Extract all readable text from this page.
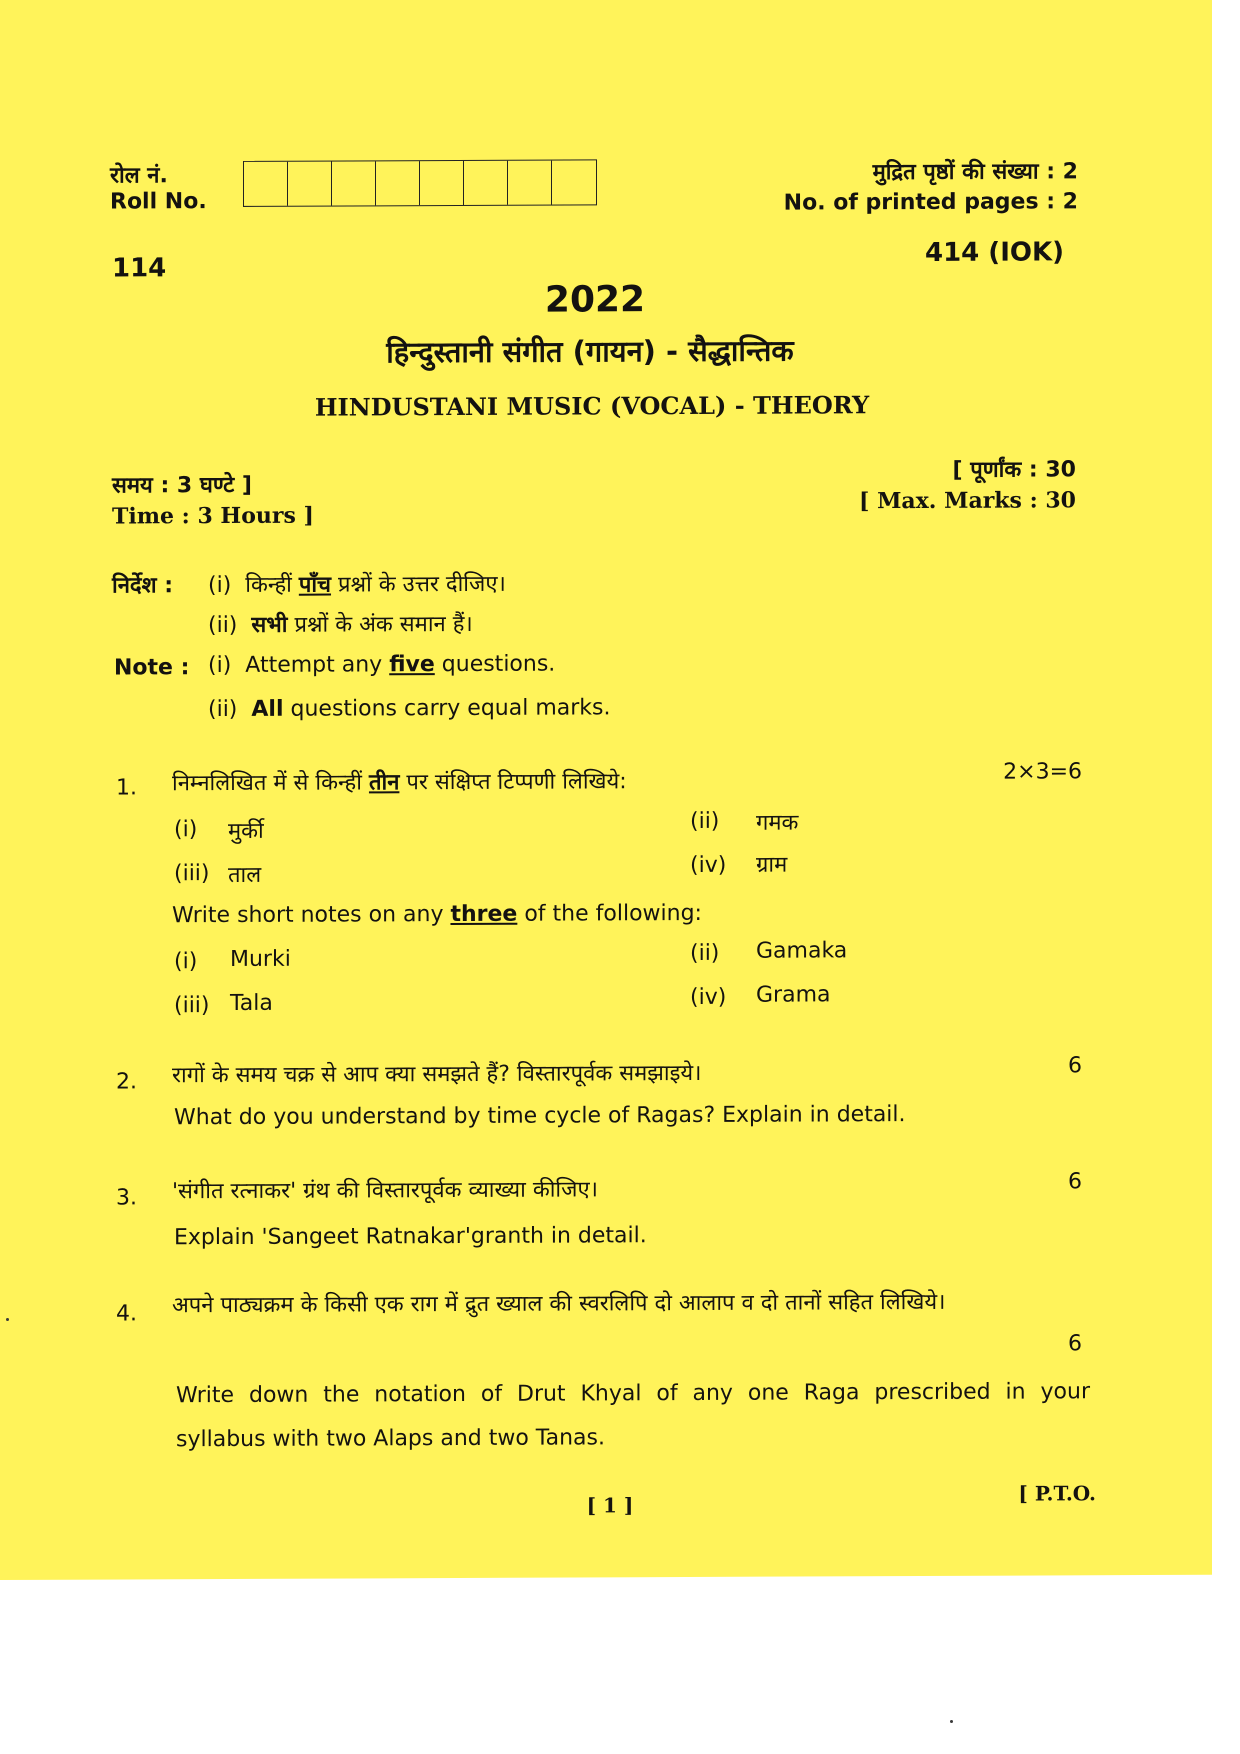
रोल नं.
Roll No.
मुद्रित पृष्ठों की संख्या : 2
No. of printed pages : 2
114
414 (IOK)
2022
हिन्दुस्तानी संगीत (गायन) - सैद्धान्तिक
HINDUSTANI MUSIC (VOCAL) - THEORY
समय : 3 घण्टे ]
Time : 3 Hours ]
[ पूर्णांक : 30
[ Max. Marks : 30
निर्देश : (i) किन्हीं पाँच प्रश्नों के उत्तर दीजिए।
(ii) सभी प्रश्नों के अंक समान हैं।
Note : (i) Attempt any five questions.
(ii) All questions carry equal marks.
1. निम्नलिखित में से किन्हीं तीन पर संक्षिप्त टिप्पणी लिखिये:	2×3=6
(i) मुर्की	(ii) गमक
(iii) ताल	(iv) ग्राम
Write short notes on any three of the following:
(i) Murki	(ii) Gamaka
(iii) Tala	(iv) Grama
2. रागों के समय चक्र से आप क्या समझते हैं? विस्तारपूर्वक समझाइये।	6
What do you understand by time cycle of Ragas? Explain in detail.
3. 'संगीत रत्नाकर' ग्रंथ की विस्तारपूर्वक व्याख्या कीजिए।	6
Explain 'Sangeet Ratnakar'granth in detail.
4. अपने पाठ्यक्रम के किसी एक राग में द्रुत ख्याल की स्वरलिपि दो आलाप व दो तानों सहित लिखिये।
6
Write down the notation of Drut Khyal of any one Raga prescribed in your
syllabus with two Alaps and two Tanas.
[ 1 ]	[ P.T.O.
